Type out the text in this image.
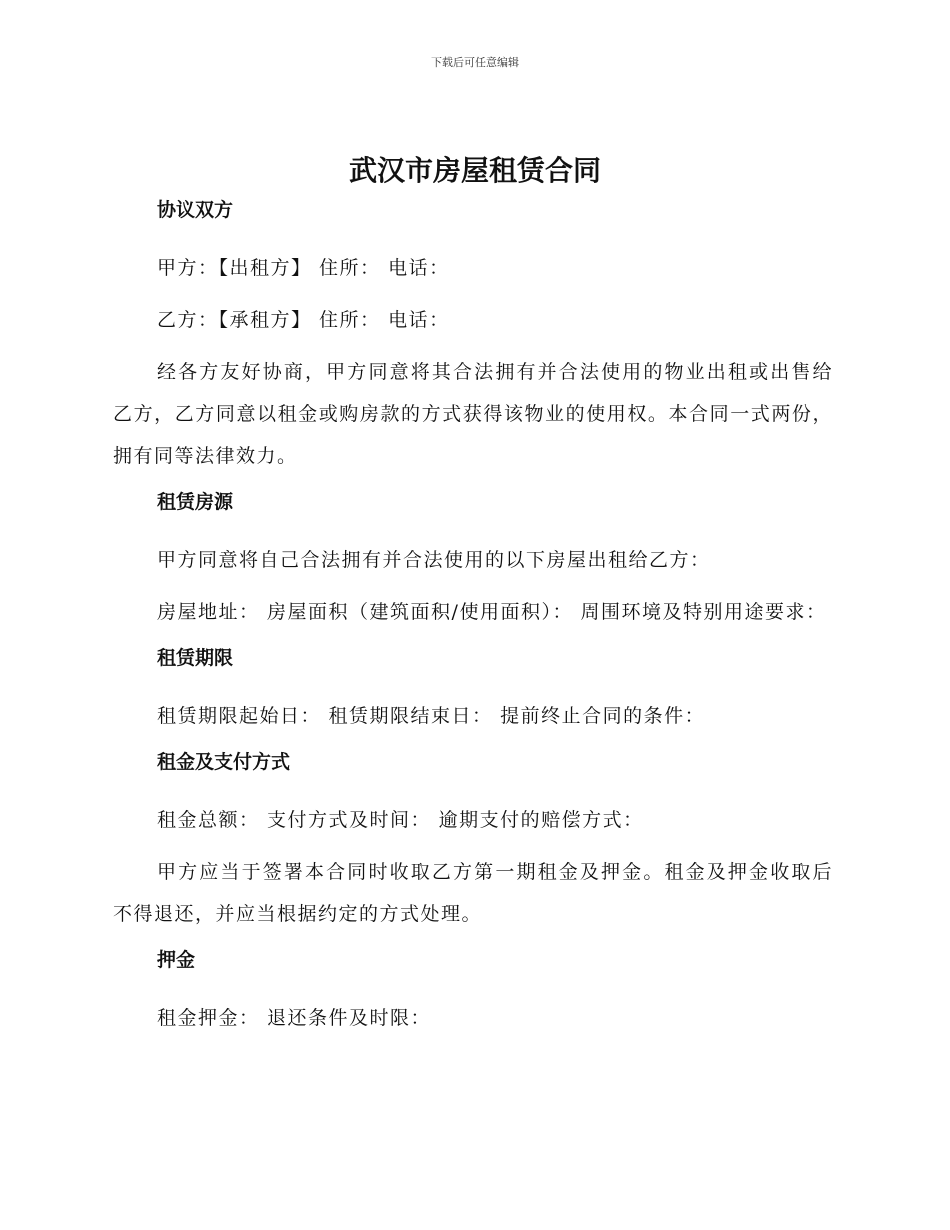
下载后可任意编辑
武汉市房屋租赁合同

协议双方

甲方：【出租方】 住所： 电话：

乙方：【承租方】 住所： 电话：

经各方友好协商，甲方同意将其合法拥有并合法使用的物业出租或出售给乙方，乙方同意以租金或购房款的方式获得该物业的使用权。本合同一式两份，拥有同等法律效力。

租赁房源

甲方同意将自己合法拥有并合法使用的以下房屋出租给乙方：

房屋地址： 房屋面积（建筑面积/使用面积）： 周围环境及特别用途要求：

租赁期限

租赁期限起始日： 租赁期限结束日： 提前终止合同的条件：

租金及支付方式

租金总额： 支付方式及时间： 逾期支付的赔偿方式：

甲方应当于签署本合同时收取乙方第一期租金及押金。租金及押金收取后不得退还，并应当根据约定的方式处理。

押金

租金押金： 退还条件及时限：
